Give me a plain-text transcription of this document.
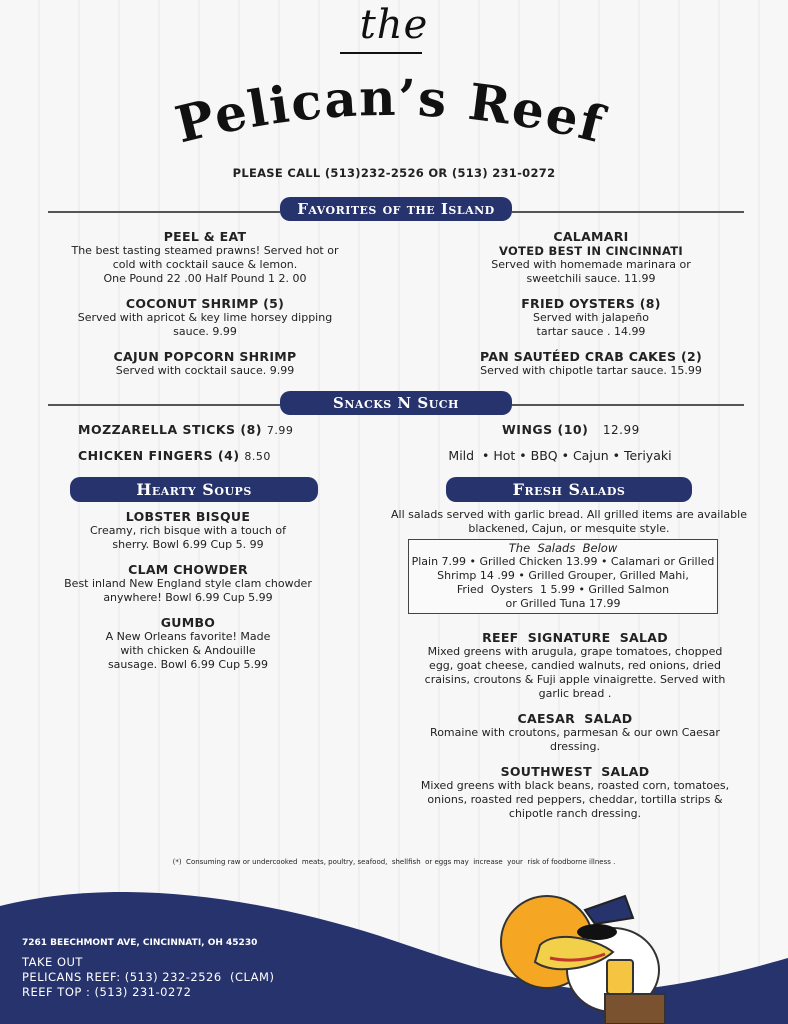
the
Pelican’s Reef
PLEASE CALL (513)232-2526 OR (513) 231-0272
Favorites of the Island
PEEL & EAT
The best tasting steamed prawns! Served hot or
cold with cocktail sauce & lemon.
One Pound 22 .00 Half Pound 1 2. 00
COCONUT SHRIMP (5)
Served with apricot & key lime horsey dipping
sauce. 9.99
CAJUN POPCORN SHRIMP
Served with cocktail sauce. 9.99
CALAMARI
VOTED BEST IN CINCINNATI
Served with homemade marinara or
sweetchili sauce. 11.99
FRIED OYSTERS (8)
Served with jalapeño
tartar sauce . 14.99
PAN SAUTÉED CRAB CAKES (2)
Served with chipotle tartar sauce. 15.99
Snacks N Such
MOZZARELLA STICKS (8) 7.99
CHICKEN FINGERS (4) 8.50
WINGS (10) 12.99
Mild  • Hot • BBQ • Cajun • Teriyaki
Hearty Soups
LOBSTER BISQUE
Creamy, rich bisque with a touch of
sherry. Bowl 6.99 Cup 5. 99
CLAM CHOWDER
Best inland New England style clam chowder
anywhere! Bowl 6.99 Cup 5.99
GUMBO
A New Orleans favorite! Made
with chicken & Andouille
sausage. Bowl 6.99 Cup 5.99
Fresh Salads
All salads served with garlic bread. All grilled items are available
blackened, Cajun, or mesquite style.
The  Salads  Below
Plain 7.99 • Grilled Chicken 13.99 • Calamari or Grilled
Shrimp 14 .99 • Grilled Grouper, Grilled Mahi,
Fried  Oysters  1 5.99 • Grilled Salmon
or Grilled Tuna 17.99
REEF  SIGNATURE  SALAD
Mixed greens with arugula, grape tomatoes, chopped
egg, goat cheese, candied walnuts, red onions, dried
craisins, croutons & Fuji apple vinaigrette. Served with
garlic bread .
CAESAR  SALAD
Romaine with croutons, parmesan & our own Caesar
dressing.
SOUTHWEST  SALAD
Mixed greens with black beans, roasted corn, tomatoes,
onions, roasted red peppers, cheddar, tortilla strips &
chipotle ranch dressing.
(*)  Consuming raw or undercooked  meats, poultry, seafood,  shellfish  or eggs may  increase  your  risk of foodborne illness .
7261 BEECHMONT AVE, CINCINNATI, OH 45230
TAKE OUT
PELICANS REEF: (513) 232-2526  (CLAM)
REEF TOP : (513) 231-0272
